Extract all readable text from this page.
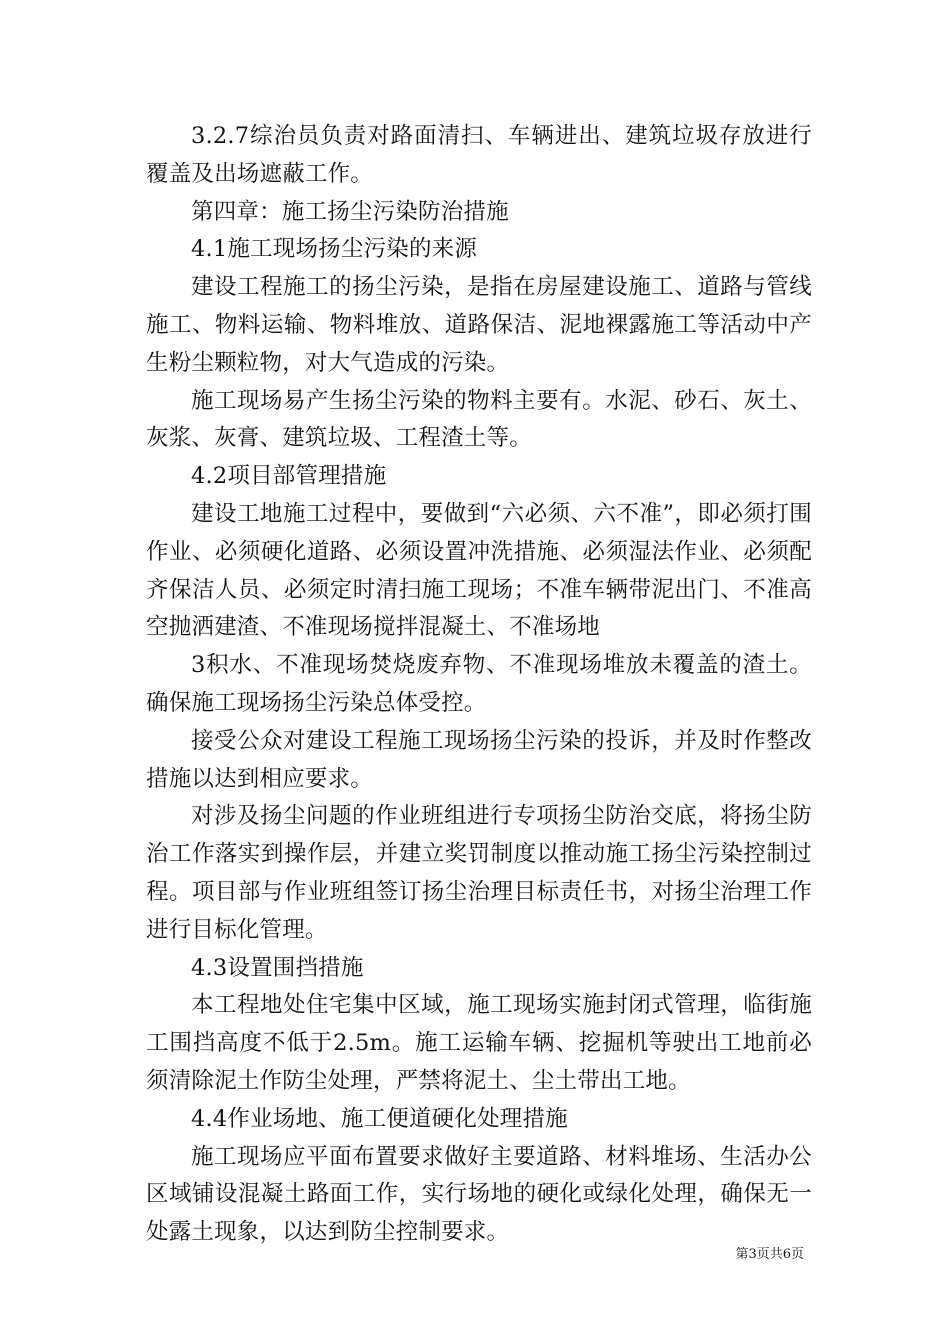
3.2.7综治员负责对路面清扫、车辆进出、建筑垃圾存放进行覆盖及出场遮蔽工作。

第四章：施工扬尘污染防治措施

4.1施工现场扬尘污染的来源

建设工程施工的扬尘污染，是指在房屋建设施工、道路与管线施工、物料运输、物料堆放、道路保洁、泥地裸露施工等活动中产生粉尘颗粒物，对大气造成的污染。

施工现场易产生扬尘污染的物料主要有。水泥、砂石、灰土、灰浆、灰膏、建筑垃圾、工程渣土等。

4.2项目部管理措施

建设工地施工过程中，要做到“六必须、六不准”，即必须打围作业、必须硬化道路、必须设置冲洗措施、必须湿法作业、必须配齐保洁人员、必须定时清扫施工现场；不准车辆带泥出门、不准高空抛洒建渣、不准现场搅拌混凝土、不准场地

3积水、不准现场焚烧废弃物、不准现场堆放未覆盖的渣土。确保施工现场扬尘污染总体受控。

接受公众对建设工程施工现场扬尘污染的投诉，并及时作整改措施以达到相应要求。

对涉及扬尘问题的作业班组进行专项扬尘防治交底，将扬尘防治工作落实到操作层，并建立奖罚制度以推动施工扬尘污染控制过程。项目部与作业班组签订扬尘治理目标责任书，对扬尘治理工作进行目标化管理。

4.3设置围挡措施

本工程地处住宅集中区域，施工现场实施封闭式管理，临街施工围挡高度不低于2.5m。施工运输车辆、挖掘机等驶出工地前必须清除泥土作防尘处理，严禁将泥土、尘土带出工地。

4.4作业场地、施工便道硬化处理措施

施工现场应平面布置要求做好主要道路、材料堆场、生活办公区域铺设混凝土路面工作，实行场地的硬化或绿化处理，确保无一处露土现象，以达到防尘控制要求。

第3页共6页
